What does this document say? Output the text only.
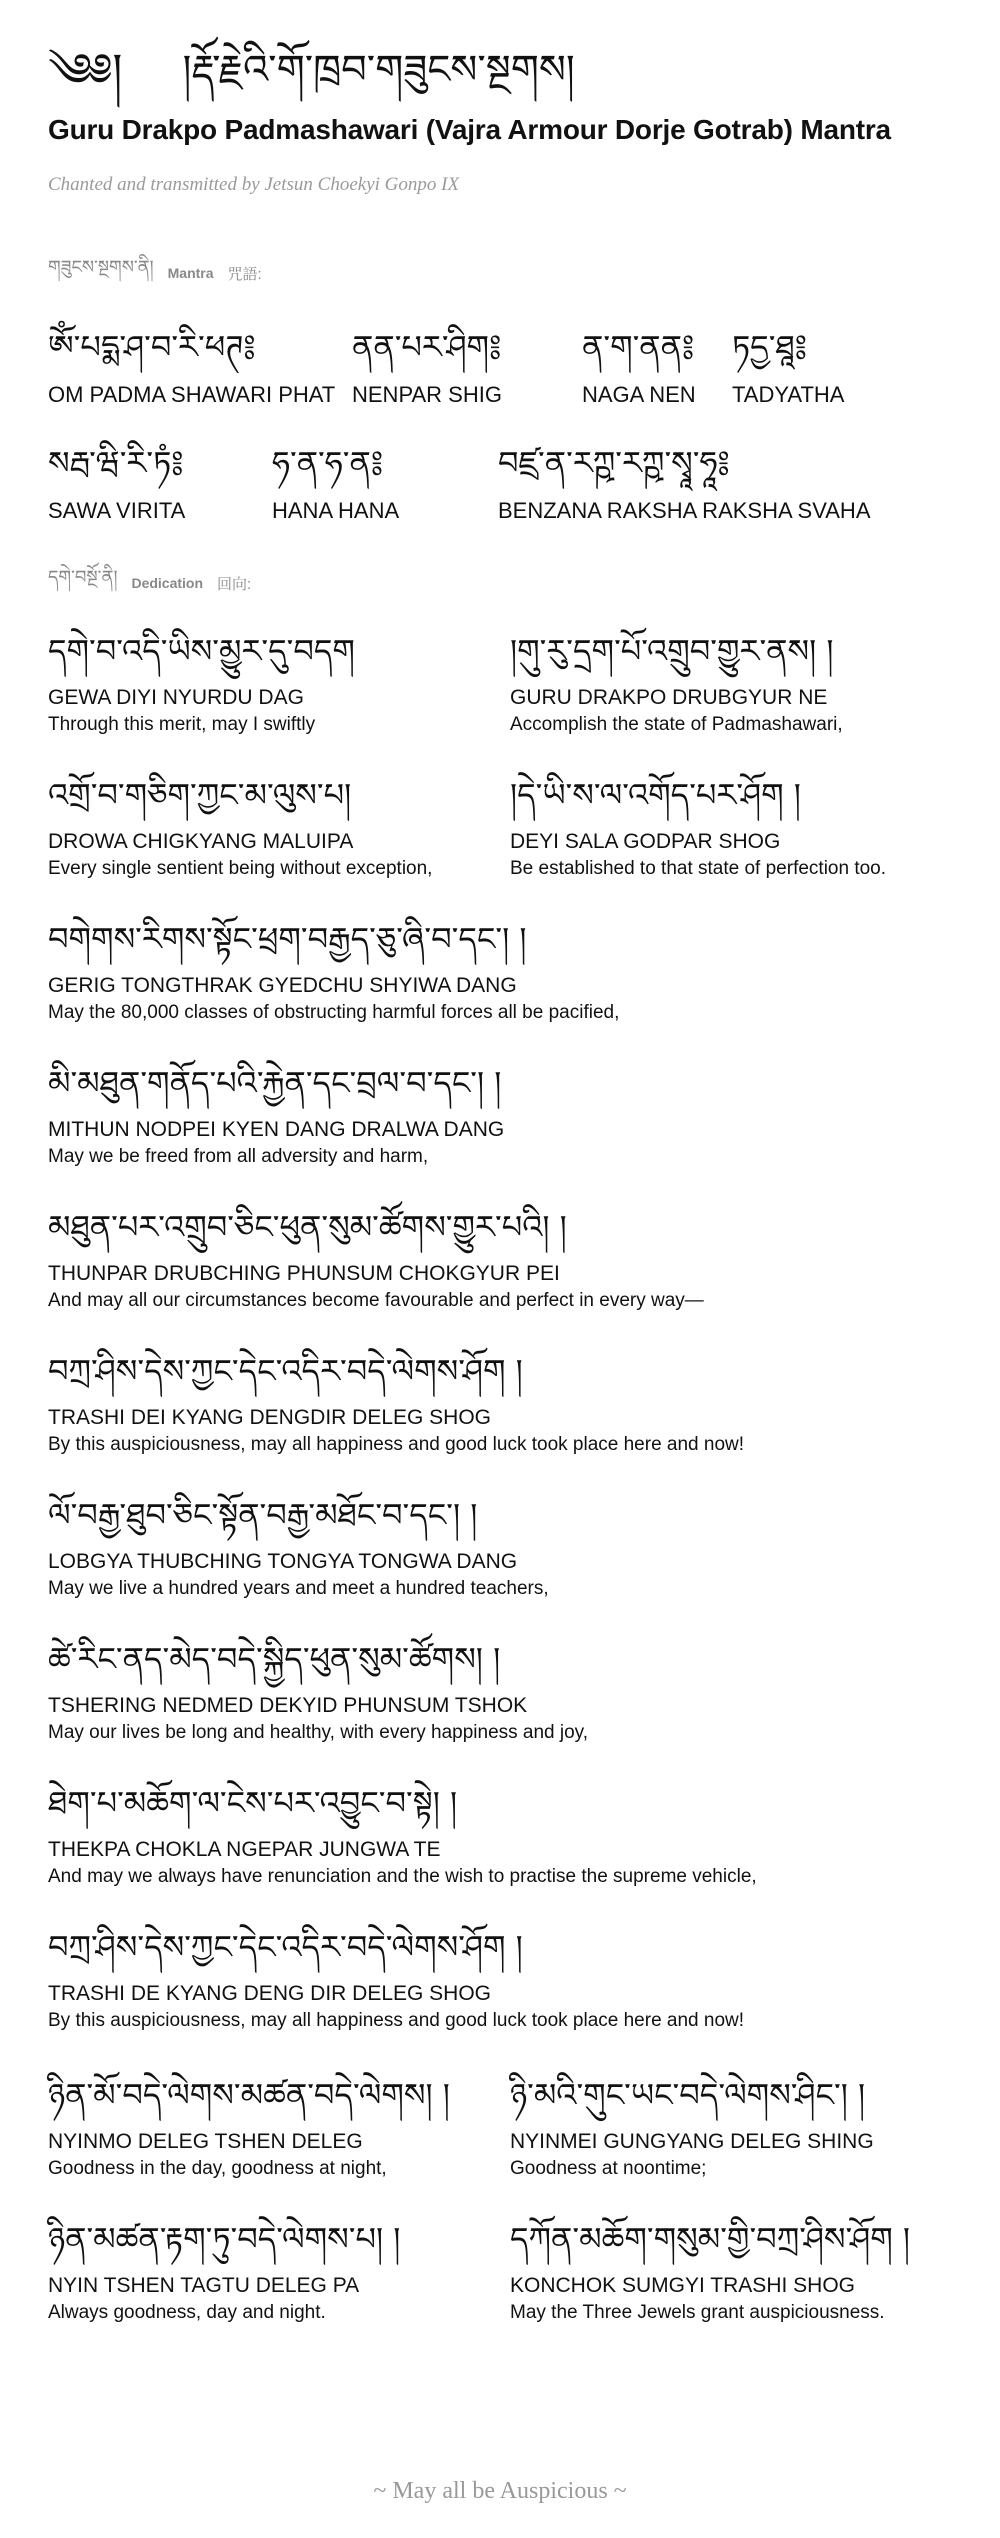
༄༅། །རྡོ་རྗེའི་གོ་ཁྲབ་གཟུངས་སྔགས།
Guru Drakpo Padmashawari (Vajra Armour Dorje Gotrab) Mantra
Chanted and transmitted by Jetsun Choekyi Gonpo IX
གཟུངས་སྔགས་ནི། Mantra 咒語:
ཨོཾ་པདྨ་ཤ་བ་རི་ཕཊ༔
OM PADMA SHAWARI PHAT
ནན་པར་ཤིག༔
NENPAR SHIG
ན་ག་ནན༔
NAGA NEN
ཏདྱ་ཐཱ༔
TADYATHA
སརྦ་ཝི་རི་ཏཾ༔
SAWA VIRITA
ཧ་ན་ཧ་ན༔
HANA HANA
བཛྲ་ན་རཀྵ་རཀྵ་སྭཱ་ཧཱ༔
BENZANA RAKSHA RAKSHA SVAHA
དགེ་བསྔོ་ནི། Dedication 回向:
དགེ་བ་འདི་ཡིས་མྱུར་དུ་བདག
GEWA DIYI NYURDU DAG
Through this merit, may I swiftly
།གུ་རུ་དྲག་པོ་འགྲུབ་གྱུར་ནས། །
GURU DRAKPO DRUBGYUR NE
Accomplish the state of Padmashawari,
འགྲོ་བ་གཅིག་ཀྱང་མ་ལུས་པ།
DROWA CHIGKYANG MALUIPA
Every single sentient being without exception,
།དེ་ཡི་ས་ལ་འགོད་པར་ཤོག །
DEYI SALA GODPAR SHOG
Be established to that state of perfection too.
བགེགས་རིགས་སྟོང་ཕྲག་བརྒྱད་ཅུ་ཞི་བ་དང་། །
GERIG TONGTHRAK GYEDCHU SHYIWA DANG
May the 80,000 classes of obstructing harmful forces all be pacified,
མི་མཐུན་གནོད་པའི་རྐྱེན་དང་བྲལ་བ་དང་། །
MITHUN NODPEI KYEN DANG DRALWA DANG
May we be freed from all adversity and harm,
མཐུན་པར་འགྲུབ་ཅིང་ཕུན་སུམ་ཚོགས་གྱུར་པའི། །
THUNPAR DRUBCHING PHUNSUM CHOKGYUR PEI
And may all our circumstances become favourable and perfect in every way—
བཀྲ་ཤིས་དེས་ཀྱང་དེང་འདིར་བདེ་ལེགས་ཤོག །
TRASHI DEI KYANG DENGDIR DELEG SHOG
By this auspiciousness, may all happiness and good luck took place here and now!
ལོ་བརྒྱ་ཐུབ་ཅིང་སྟོན་བརྒྱ་མཐོང་བ་དང་། །
LOBGYA THUBCHING TONGYA TONGWA DANG
May we live a hundred years and meet a hundred teachers,
ཚེ་རིང་ནད་མེད་བདེ་སྐྱིད་ཕུན་སུམ་ཚོགས། །
TSHERING NEDMED DEKYID PHUNSUM TSHOK
May our lives be long and healthy, with every happiness and joy,
ཐེག་པ་མཆོག་ལ་ངེས་པར་འབྱུང་བ་སྟེ། །
THEKPA CHOKLA NGEPAR JUNGWA TE
And may we always have renunciation and the wish to practise the supreme vehicle,
བཀྲ་ཤིས་དེས་ཀྱང་དེང་འདིར་བདེ་ལེགས་ཤོག །
TRASHI DE KYANG DENG DIR DELEG SHOG
By this auspiciousness, may all happiness and good luck took place here and now!
ཉིན་མོ་བདེ་ལེགས་མཚན་བདེ་ལེགས། །
NYINMO DELEG TSHEN DELEG
Goodness in the day, goodness at night,
ཉི་མའི་གུང་ཡང་བདེ་ལེགས་ཤིང་། །
NYINMEI GUNGYANG DELEG SHING
Goodness at noontime;
ཉིན་མཚན་རྟག་ཏུ་བདེ་ལེགས་པ། །
NYIN TSHEN TAGTU DELEG PA
Always goodness, day and night.
དཀོན་མཆོག་གསུམ་གྱི་བཀྲ་ཤིས་ཤོག །
KONCHOK SUMGYI TRASHI SHOG
May the Three Jewels grant auspiciousness.
~ May all be Auspicious ~
